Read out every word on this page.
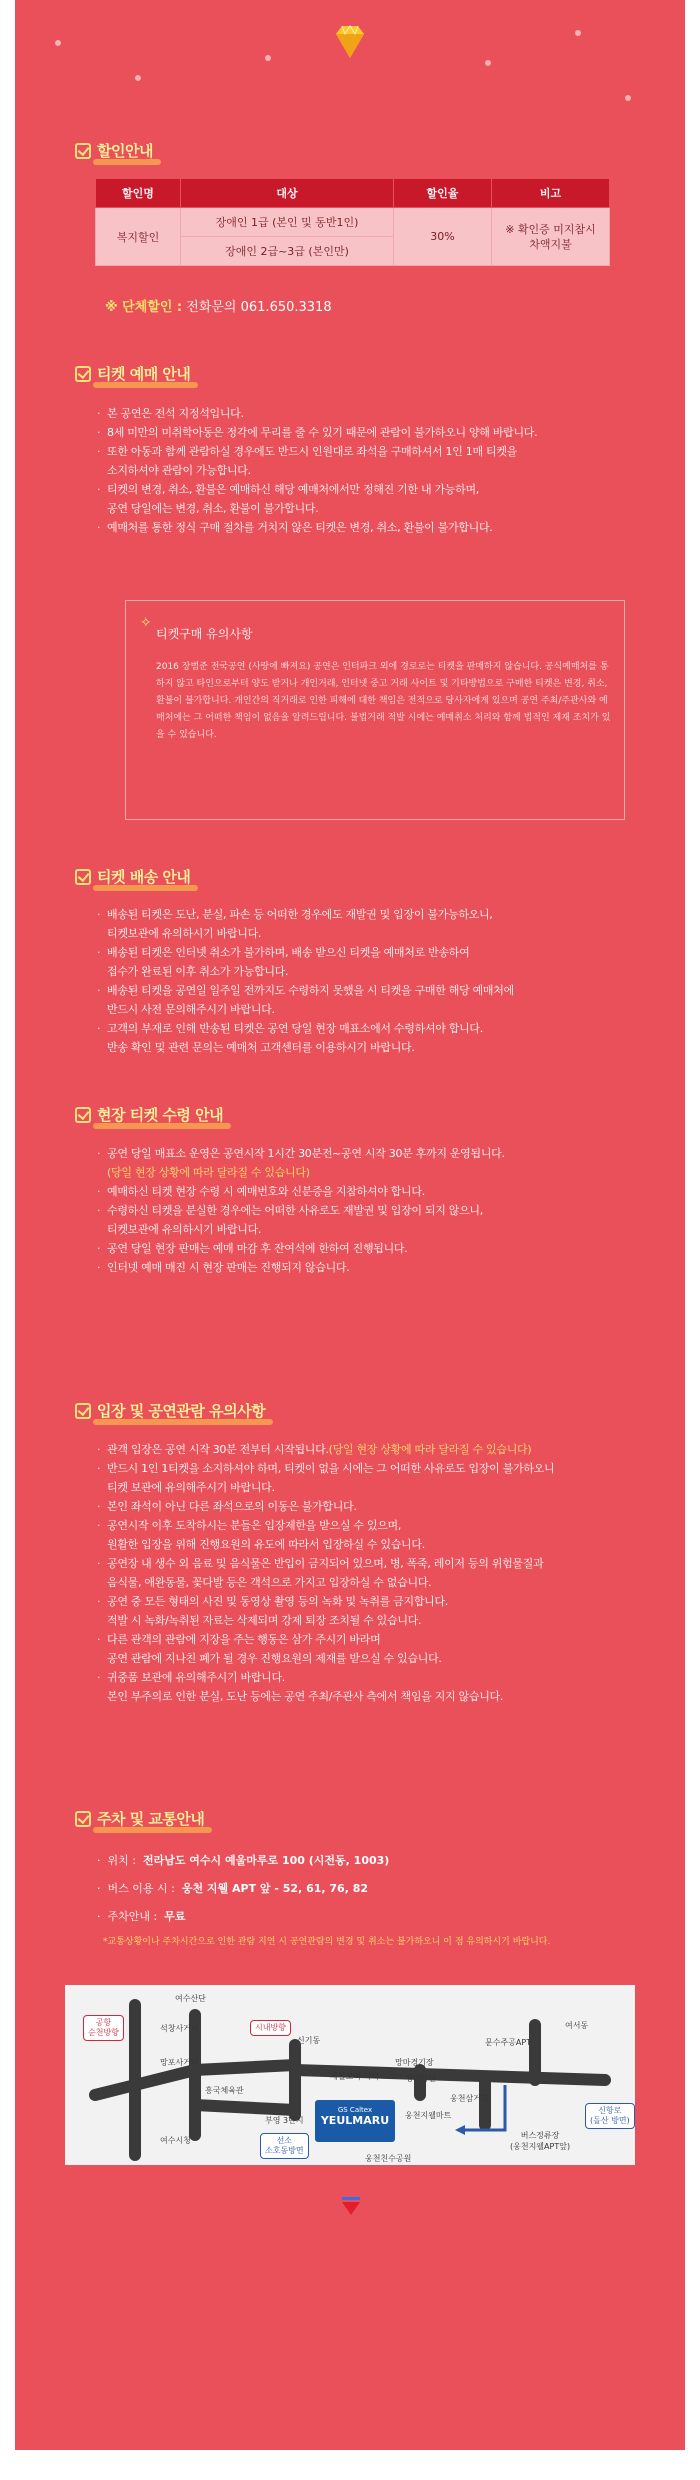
할인안내
할인명	대상	할인율	비고
복지할인	장애인 1급 (본인 및 동반1인)	30%	※ 확인증 미지참시
차액지불
	장애인 2급~3급 (본인만)		
※ 단체할인 : 전화문의 061.650.3318
티켓 예매 안내
· 본 공연은 전석 지정석입니다.
· 8세 미만의 미취학아동은 정각에 무리를 줄 수 있기 때문에 관람이 불가하오니 양해 바랍니다.
· 또한 아동과 함께 관람하실 경우에도 반드시 인원대로 좌석을 구매하셔서 1인 1매 티켓을
소지하셔야 관람이 가능합니다.
· 티켓의 변경, 취소, 환불은 예매하신 해당 예매처에서만 정해진 기한 내 가능하며,
공연 당일에는 변경, 취소, 환불이 불가합니다.
· 예매처를 통한 정식 구매 절차를 거치지 않은 티켓은 변경, 취소, 환불이 불가합니다.
✧
티켓구매 유의사항
2016 장범준 전국공연 (사랑에 빠져요) 공연은 인터파크 외에 경로로는 티켓을 판매하지 않습니다. 공식예매처를 통하지 않고 타인으로부터 양도 받거나 개인거래, 인터넷 중고 거래 사이트 및 기타방법으로 구매한 티켓은 변경, 취소, 환불이 불가합니다. 개인간의 직거래로 인한 피해에 대한 책임은 전적으로 당사자에게 있으며 공연 주최/주관사와 예매처에는 그 어떠한 책임이 없음을 알려드립니다. 불법거래 적발 시에는 예매취소 처리와 함께 법적인 제재 조치가 있을 수 있습니다.
티켓 배송 안내
· 배송된 티켓은 도난, 분실, 파손 등 어떠한 경우에도 재발권 및 입장이 불가능하오니,
티켓보관에 유의하시기 바랍니다.
· 배송된 티켓은 인터넷 취소가 불가하며, 배송 받으신 티켓을 예매처로 반송하여
접수가 완료된 이후 취소가 가능합니다.
· 배송된 티켓을 공연일 일주일 전까지도 수령하지 못했을 시 티켓을 구매한 해당 예매처에
반드시 사전 문의해주시기 바랍니다.
· 고객의 부재로 인해 반송된 티켓은 공연 당일 현장 매표소에서 수령하셔야 합니다.
반송 확인 및 관련 문의는 예매처 고객센터를 이용하시기 바랍니다.
현장 티켓 수령 안내
· 공연 당일 매표소 운영은 공연시작 1시간 30분전~공연 시작 30분 후까지 운영됩니다.
(당일 현장 상황에 따라 달라질 수 있습니다)
· 예매하신 티켓 현장 수령 시 예매번호와 신분증을 지참하셔야 합니다.
· 수령하신 티켓을 분실한 경우에는 어떠한 사유로도 재발권 및 입장이 되지 않으니,
티켓보관에 유의하시기 바랍니다.
· 공연 당일 현장 판매는 예매 마감 후 잔여석에 한하여 진행됩니다.
· 인터넷 예매 매진 시 현장 판매는 진행되지 않습니다.
입장 및 공연관람 유의사항
· 관객 입장은 공연 시작 30분 전부터 시작됩니다.(당일 현장 상황에 따라 달라질 수 있습니다)
· 반드시 1인 1티켓을 소지하셔야 하며, 티켓이 없을 시에는 그 어떠한 사유로도 입장이 불가하오니
티켓 보관에 유의해주시기 바랍니다.
· 본인 좌석이 아닌 다른 좌석으로의 이동은 불가합니다.
· 공연시작 이후 도착하시는 분들은 입장제한을 받으실 수 있으며,
원활한 입장을 위해 진행요원의 유도에 따라서 입장하실 수 있습니다.
· 공연장 내 생수 외 음료 및 음식물은 반입이 금지되어 있으며, 병, 폭죽, 레이저 등의 위험물질과
음식물, 애완동물, 꽃다발 등은 객석으로 가지고 입장하실 수 없습니다.
· 공연 중 모든 형태의 사진 및 동영상 촬영 등의 녹화 및 녹취를 금지합니다.
적발 시 녹화/녹취된 자료는 삭제되며 강제 퇴장 조치될 수 있습니다.
· 다른 관객의 관람에 지장을 주는 행동은 삼가 주시기 바라며
공연 관람에 지나친 폐가 될 경우 진행요원의 제재를 받으실 수 있습니다.
· 귀중품 보관에 유의해주시기 바랍니다.
본인 부주의로 인한 분실, 도난 등에는 공연 주최/주관사 측에서 책임을 지지 않습니다.
주차 및 교통안내
·  위치 : 전라남도 여수시 예울마루로 100 (시전동, 1003)
·  버스 이용 시 : 웅천 지웰 APT 앞 - 52, 61, 76, 82
·  주차안내 : 무료
*교통상황이나 주차시간으로 인한 관람 지연 시 공연관람의 변경 및 취소는 불가하오니 이 점 유의하시기 바랍니다.
여수산단
석창사거리
망포사거리
신기동
여서동
문수주공APT
망마경기장
제일모직 사택	생태터널
웅천삼거리
흥국체육관
부영 3단지
여수시청
웅천지웰마트
버스정류장
(웅천지웰APT앞)
웅천친수공원
공항
순천방향
시내방향
신항로
(돌산 방면)
선소
소호동방면
GS Caltex
YEULMARU
